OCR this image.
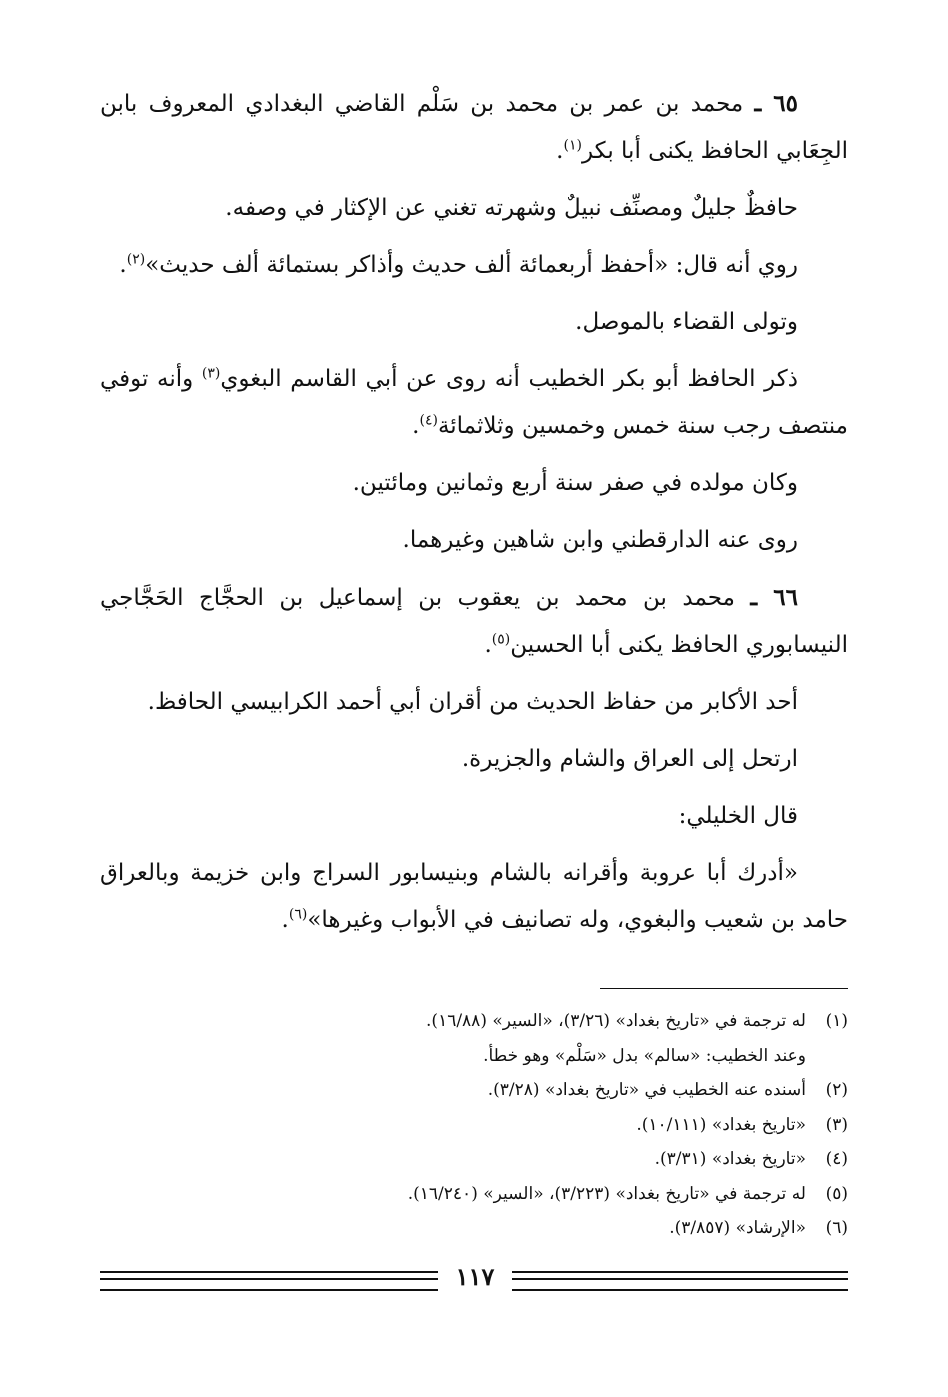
٦٥ ـ محمد بن عمر بن محمد بن سَلْم القاضي البغدادي المعروف بابن الجِعَابي الحافظ يكنى أبا بكر$^{(١)}$.

حافظٌ جليلٌ ومصنِّف نبيلٌ وشهرته تغني عن الإكثار في وصفه.

روي أنه قال: «أحفظ أربعمائة ألف حديث وأذاكر بستمائة ألف حديث»$^{(٢)}$.

وتولى القضاء بالموصل.

ذكر الحافظ أبو بكر الخطيب أنه روى عن أبي القاسم البغوي$^{(٣)}$ وأنه توفي منتصف رجب سنة خمس وخمسين وثلاثمائة$^{(٤)}$.

وكان مولده في صفر سنة أربع وثمانين ومائتين.

روى عنه الدارقطني وابن شاهين وغيرهما.

٦٦ ـ محمد بن محمد بن يعقوب بن إسماعيل بن الحجَّاج الحَجَّاجي النيسابوري الحافظ يكنى أبا الحسين$^{(٥)}$.

أحد الأكابر من حفاظ الحديث من أقران أبي أحمد الكرابيسي الحافظ.

ارتحل إلى العراق والشام والجزيرة.

قال الخليلي:

«أدرك أبا عروبة وأقرانه بالشام وبنيسابور السراج وابن خزيمة وبالعراق حامد بن شعيب والبغوي، وله تصانيف في الأبواب وغيرها»$^{(٦)}$.

(١)
له ترجمة في «تاريخ بغداد» (٣/٢٦)، «السير» (١٦/٨٨).
وعند الخطيب: «سالم» بدل «سَلْم» وهو خطأ.
(٢)
أسنده عنه الخطيب في «تاريخ بغداد» (٣/٢٨).
(٣)
«تاريخ بغداد» (١٠/١١١).
(٤)
«تاريخ بغداد» (٣/٣١).
(٥)
له ترجمة في «تاريخ بغداد» (٣/٢٢٣)، «السير» (١٦/٢٤٠).
(٦)
«الإرشاد» (٣/٨٥٧).
١١٧
